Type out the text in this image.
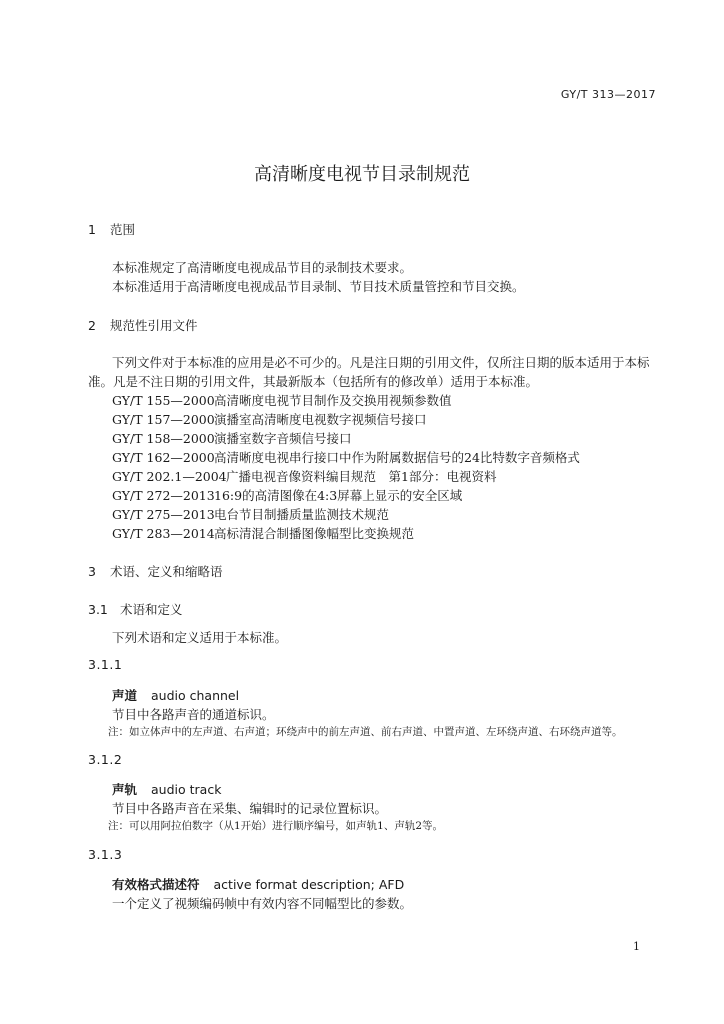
GY/T 313—2017
高清晰度电视节目录制规范
1 范围
本标准规定了高清晰度电视成品节目的录制技术要求。
本标准适用于高清晰度电视成品节目录制、节目技术质量管控和节目交换。
2 规范性引用文件
下列文件对于本标准的应用是必不可少的。凡是注日期的引用文件，仅所注日期的版本适用于本标
准。凡是不注日期的引用文件，其最新版本（包括所有的修改单）适用于本标准。
GY/T 155—2000高清晰度电视节目制作及交换用视频参数值
GY/T 157—2000演播室高清晰度电视数字视频信号接口
GY/T 158—2000演播室数字音频信号接口
GY/T 162—2000高清晰度电视串行接口中作为附属数据信号的24比特数字音频格式
GY/T 202.1—2004广播电视音像资料编目规范　第1部分：电视资料
GY/T 272—201316:9的高清图像在4:3屏幕上显示的安全区域
GY/T 275—2013电台节目制播质量监测技术规范
GY/T 283—2014高标清混合制播图像幅型比变换规范
3 术语、定义和缩略语
3.1 术语和定义
下列术语和定义适用于本标准。
3.1.1
声道 audio channel
节目中各路声音的通道标识。
注：如立体声中的左声道、右声道；环绕声中的前左声道、前右声道、中置声道、左环绕声道、右环绕声道等。
3.1.2
声轨 audio track
节目中各路声音在采集、编辑时的记录位置标识。
注：可以用阿拉伯数字（从1开始）进行顺序编号，如声轨1、声轨2等。
3.1.3
有效格式描述符 active format description; AFD
一个定义了视频编码帧中有效内容不同幅型比的参数。
1
